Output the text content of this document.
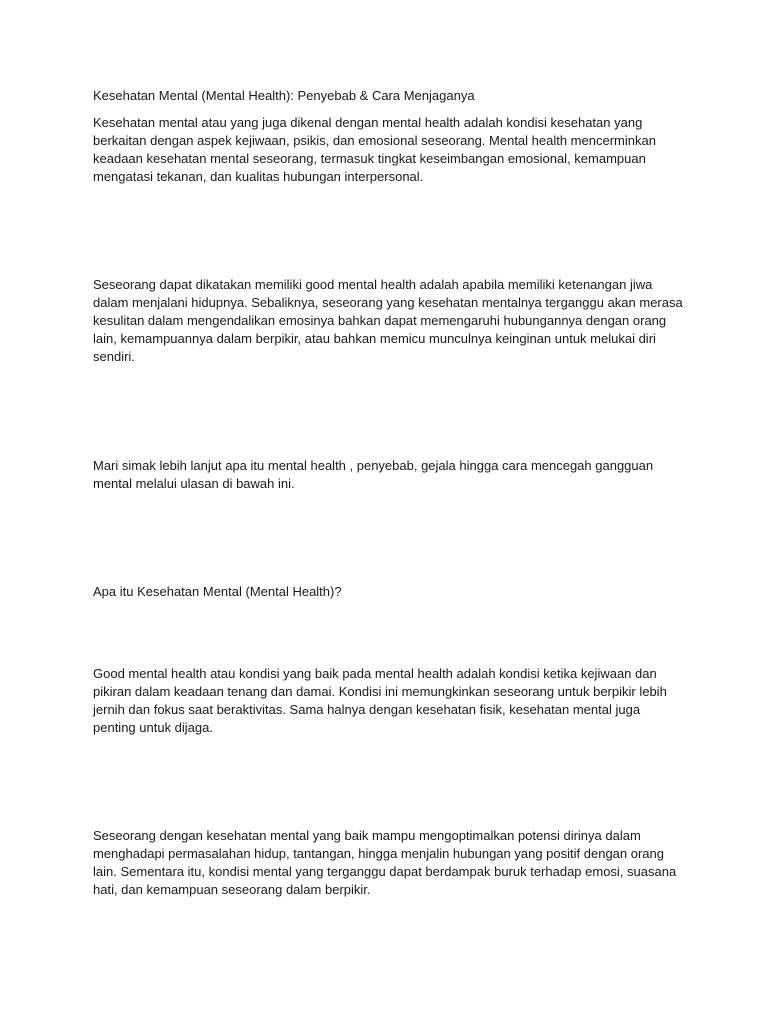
Kesehatan Mental (Mental Health): Penyebab & Cara Menjaganya

Kesehatan mental atau yang juga dikenal dengan mental health adalah kondisi kesehatan yang berkaitan dengan aspek kejiwaan, psikis, dan emosional seseorang. Mental health mencerminkan keadaan kesehatan mental seseorang, termasuk tingkat keseimbangan emosional, kemampuan mengatasi tekanan, dan kualitas hubungan interpersonal.

Seseorang dapat dikatakan memiliki good mental health adalah apabila memiliki ketenangan jiwa dalam menjalani hidupnya. Sebaliknya, seseorang yang kesehatan mentalnya terganggu akan merasa kesulitan dalam mengendalikan emosinya bahkan dapat memengaruhi hubungannya dengan orang lain, kemampuannya dalam berpikir, atau bahkan memicu munculnya keinginan untuk melukai diri sendiri.

Mari simak lebih lanjut apa itu mental health , penyebab, gejala hingga cara mencegah gangguan mental melalui ulasan di bawah ini.

Apa itu Kesehatan Mental (Mental Health)?

Good mental health atau kondisi yang baik pada mental health adalah kondisi ketika kejiwaan dan pikiran dalam keadaan tenang dan damai. Kondisi ini memungkinkan seseorang untuk berpikir lebih jernih dan fokus saat beraktivitas. Sama halnya dengan kesehatan fisik, kesehatan mental juga penting untuk dijaga.

Seseorang dengan kesehatan mental yang baik mampu mengoptimalkan potensi dirinya dalam menghadapi permasalahan hidup, tantangan, hingga menjalin hubungan yang positif dengan orang lain. Sementara itu, kondisi mental yang terganggu dapat berdampak buruk terhadap emosi, suasana hati, dan kemampuan seseorang dalam berpikir.
